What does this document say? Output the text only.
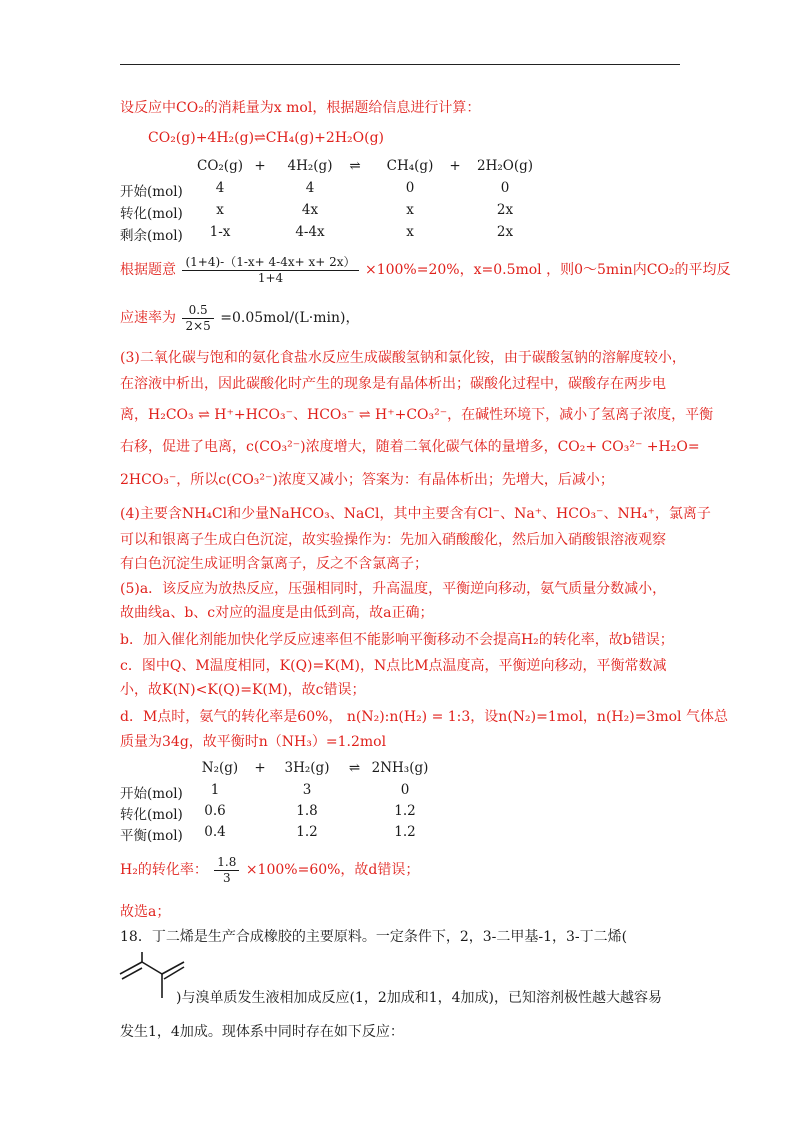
设反应中CO₂的消耗量为x mol，根据题给信息进行计算：
CO₂(g)+4H₂(g)⇌CH₄(g)+2H₂O(g)
CO₂(g) +	4H₂(g)	⇌	CH₄(g)	+	2H₂O(g)
开始(mol)	4	4	0	0
转化(mol)	x	4x	x	2x
剩余(mol)	1-x	4-4x	x	2x
根据题意 $\frac{(1+4)-(1-x+ 4-4x+ x+ 2x)}{1+4} \times 100\%=20\%$，x=0.5mol ，则0～5min内CO₂的平均反
应速率为 $\frac{0.5}{2\times 5} =0.05mol/(L\cdot\min)$，
(3)二氧化碳与饱和的氨化食盐水反应生成碳酸氢钠和氯化铵，由于碳酸氢钠的溶解度较小，
在溶液中析出，因此碳酸化时产生的现象是有晶体析出；碳酸化过程中，碳酸存在两步电
离，H₂CO₃ ⇌ H⁺+HCO₃⁻、HCO₃⁻ ⇌ H⁺+CO₃²⁻，在碱性环境下，减小了氢离子浓度，平衡
右移，促进了电离，c(CO₃²⁻)浓度增大，随着二氧化碳气体的量增多，CO₂+ CO₃²⁻ +H₂O=
2HCO₃⁻，所以c(CO₃²⁻)浓度又减小；答案为：有晶体析出；先增大，后减小；
(4)主要含NH₄Cl和少量NaHCO₃、NaCl，其中主要含有Cl⁻、Na⁺、HCO₃⁻、NH₄⁺，氯离子
可以和银离子生成白色沉淀，故实验操作为：先加入硝酸酸化，然后加入硝酸银溶液观察
有白色沉淀生成证明含氯离子，反之不含氯离子；
(5)a．该反应为放热反应，压强相同时，升高温度，平衡逆向移动，氨气质量分数减小，
故曲线a、b、c对应的温度是由低到高，故a正确；
b．加入催化剂能加快化学反应速率但不能影响平衡移动不会提高H₂的转化率，故b错误；
c．图中Q、M温度相同，K(Q)=K(M)，N点比M点温度高，平衡逆向移动，平衡常数减
小，故K(N)<K(Q)=K(M)，故c错误；
d．M点时，氨气的转化率是60%， n(N₂):n(H₂) = 1:3，设n(N₂)=1mol，n(H₂)=3mol 气体总
质量为34g，故平衡时n（NH₃）=1.2mol
N₂(g)	+	3H₂(g)	⇌ 2NH₃(g)
开始(mol)	1	3	0
转化(mol)	0.6	1.8	1.2
平衡(mol)	0.4	1.2	1.2
H₂的转化率： $\frac{1.8}{3} \times 100\%=60\%$，故d错误；
故选a；
18．丁二烯是生产合成橡胶的主要原料。一定条件下，2，3-二甲基-1，3-丁二烯(
)与溴单质发生液相加成反应(1，2加成和1，4加成)，已知溶剂极性越大越容易
发生1，4加成。现体系中同时存在如下反应：
